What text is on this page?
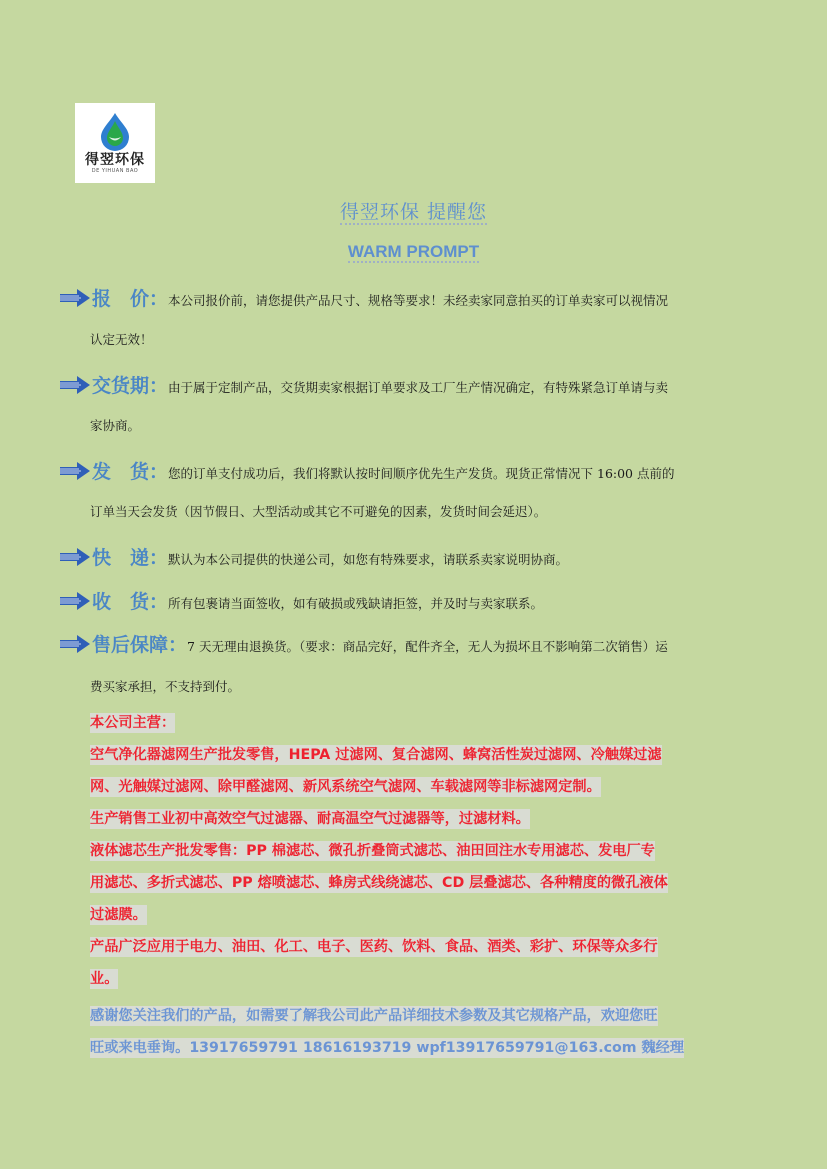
得翌环保
DE YIHUAN BAO
得翌环保 提醒您
WARM PROMPT
报　价： 本公司报价前，请您提供产品尺寸、规格等要求！未经卖家同意拍买的订单卖家可以视情况
认定无效！
交货期： 由于属于定制产品，交货期卖家根据订单要求及工厂生产情况确定，有特殊紧急订单请与卖
家协商。
发　货： 您的订单支付成功后，我们将默认按时间顺序优先生产发货。现货正常情况下 16:00 点前的
订单当天会发货（因节假日、大型活动或其它不可避免的因素，发货时间会延迟）。
快　递： 默认为本公司提供的快递公司，如您有特殊要求，请联系卖家说明协商。
收　货： 所有包裹请当面签收，如有破损或残缺请拒签，并及时与卖家联系。
售后保障： 7 天无理由退换货。（要求：商品完好，配件齐全，无人为损坏且不影响第二次销售）运
费买家承担，不支持到付。
本公司主营：
空气净化器滤网生产批发零售，HEPA 过滤网、复合滤网、蜂窝活性炭过滤网、冷触媒过滤
网、光触媒过滤网、除甲醛滤网、新风系统空气滤网、车载滤网等非标滤网定制。
生产销售工业初中高效空气过滤器、耐高温空气过滤器等，过滤材料。
液体滤芯生产批发零售：PP 棉滤芯、微孔折叠筒式滤芯、油田回注水专用滤芯、发电厂专
用滤芯、多折式滤芯、PP 熔喷滤芯、蜂房式线绕滤芯、CD 层叠滤芯、各种精度的微孔液体
过滤膜。
产品广泛应用于电力、油田、化工、电子、医药、饮料、食品、酒类、彩扩、环保等众多行
业。
感谢您关注我们的产品，如需要了解我公司此产品详细技术参数及其它规格产品，欢迎您旺
旺或来电垂询。13917659791 18616193719 wpf13917659791@163.com 魏经理
